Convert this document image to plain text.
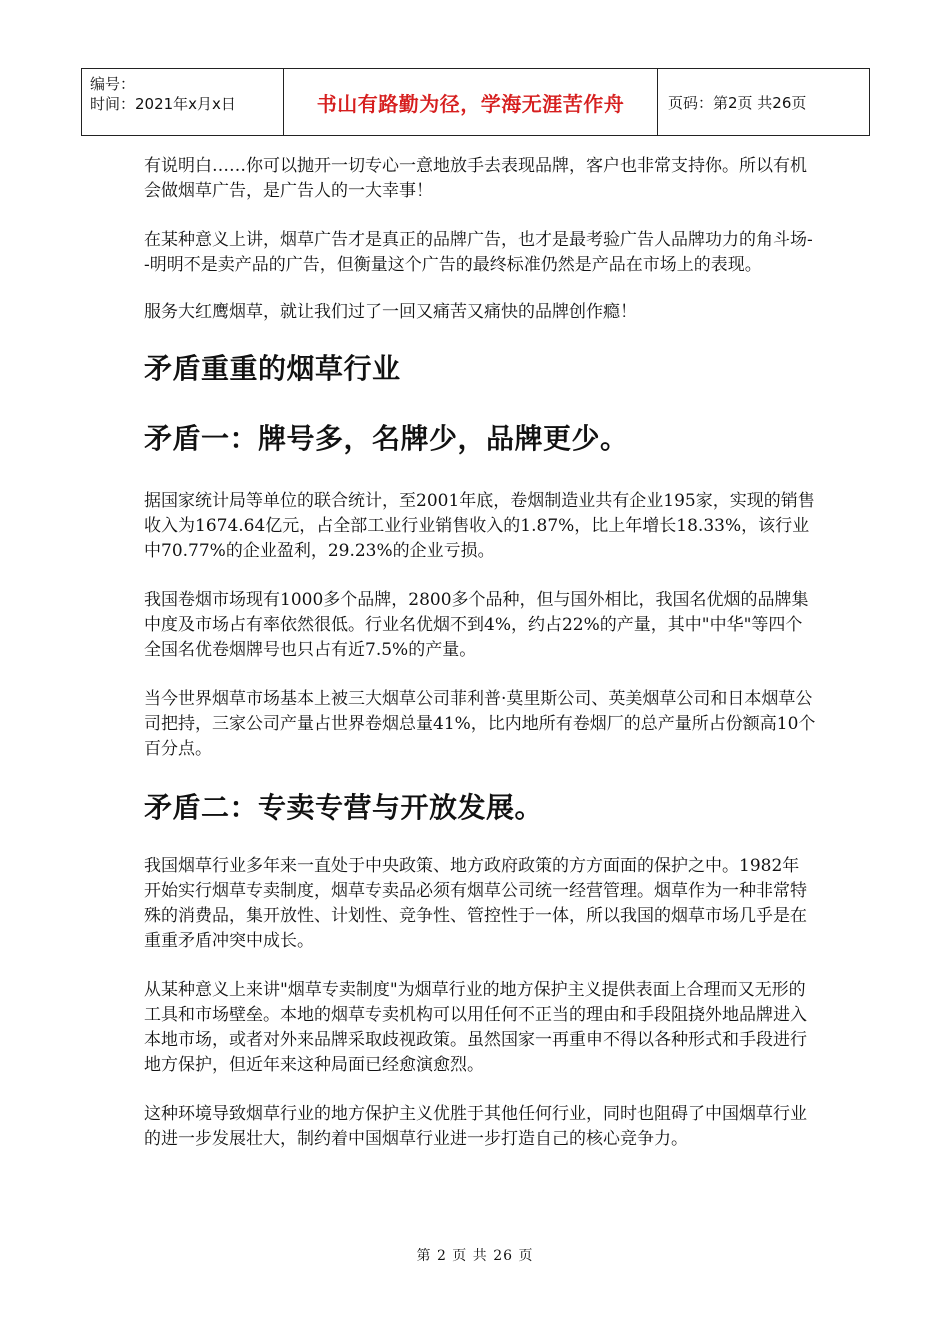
编号：
时间：2021年x月x日	书山有路勤为径，学海无涯苦作舟	页码：第2页 共26页

有说明白……你可以抛开一切专心一意地放手去表现品牌，客户也非常支持你。所以有机会做烟草广告，是广告人的一大幸事！

在某种意义上讲，烟草广告才是真正的品牌广告，也才是最考验广告人品牌功力的角斗场--明明不是卖产品的广告，但衡量这个广告的最终标准仍然是产品在市场上的表现。

服务大红鹰烟草，就让我们过了一回又痛苦又痛快的品牌创作瘾！

矛盾重重的烟草行业
矛盾一：牌号多，名牌少，品牌更少。

据国家统计局等单位的联合统计，至2001年底，卷烟制造业共有企业195家，实现的销售收入为1674.64亿元，占全部工业行业销售收入的1.87%，比上年增长18.33%，该行业中70.77%的企业盈利，29.23%的企业亏损。

我国卷烟市场现有1000多个品牌，2800多个品种，但与国外相比，我国名优烟的品牌集中度及市场占有率依然很低。行业名优烟不到4%，约占22%的产量，其中"中华"等四个全国名优卷烟牌号也只占有近7.5%的产量。

当今世界烟草市场基本上被三大烟草公司菲利普·莫里斯公司、英美烟草公司和日本烟草公司把持，三家公司产量占世界卷烟总量41%，比内地所有卷烟厂的总产量所占份额高10个百分点。

矛盾二：专卖专营与开放发展。

我国烟草行业多年来一直处于中央政策、地方政府政策的方方面面的保护之中。1982年开始实行烟草专卖制度，烟草专卖品必须有烟草公司统一经营管理。烟草作为一种非常特殊的消费品，集开放性、计划性、竞争性、管控性于一体，所以我国的烟草市场几乎是在重重矛盾冲突中成长。

从某种意义上来讲"烟草专卖制度"为烟草行业的地方保护主义提供表面上合理而又无形的工具和市场壁垒。本地的烟草专卖机构可以用任何不正当的理由和手段阻挠外地品牌进入本地市场，或者对外来品牌采取歧视政策。虽然国家一再重申不得以各种形式和手段进行地方保护，但近年来这种局面已经愈演愈烈。

这种环境导致烟草行业的地方保护主义优胜于其他任何行业，同时也阻碍了中国烟草行业的进一步发展壮大，制约着中国烟草行业进一步打造自己的核心竞争力。

第 2 页 共 26 页
